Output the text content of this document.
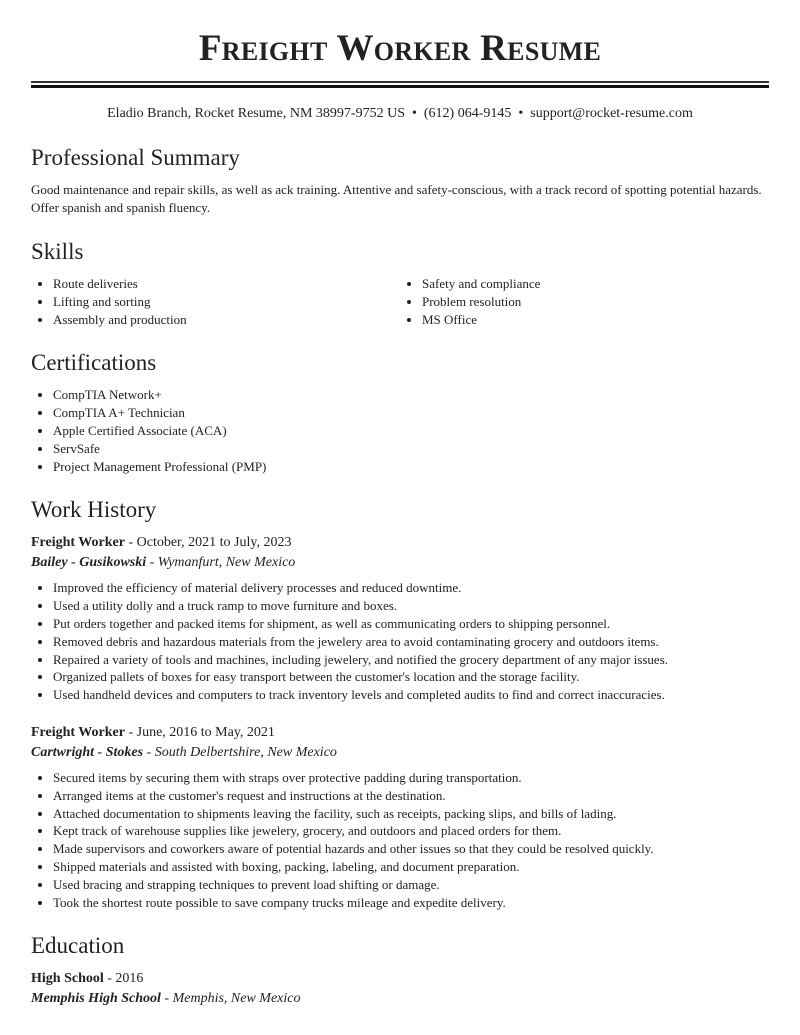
Freight Worker Resume
Eladio Branch, Rocket Resume, NM 38997-9752 US • (612) 064-9145 • support@rocket-resume.com
Professional Summary

Good maintenance and repair skills, as well as ack training. Attentive and safety-conscious, with a track record of spotting potential hazards. Offer spanish and spanish fluency.

Skills
• Route deliveries
• Lifting and sorting
• Assembly and production
• Safety and compliance
• Problem resolution
• MS Office
Certifications
• CompTIA Network+
• CompTIA A+ Technician
• Apple Certified Associate (ACA)
• ServSafe
• Project Management Professional (PMP)
Work History
Freight Worker - October, 2021 to July, 2023
Bailey - Gusikowski - Wymanfurt, New Mexico
• Improved the efficiency of material delivery processes and reduced downtime.
• Used a utility dolly and a truck ramp to move furniture and boxes.
• Put orders together and packed items for shipment, as well as communicating orders to shipping personnel.
• Removed debris and hazardous materials from the jewelery area to avoid contaminating grocery and outdoors items.
• Repaired a variety of tools and machines, including jewelery, and notified the grocery department of any major issues.
• Organized pallets of boxes for easy transport between the customer's location and the storage facility.
• Used handheld devices and computers to track inventory levels and completed audits to find and correct inaccuracies.
Freight Worker - June, 2016 to May, 2021
Cartwright - Stokes - South Delbertshire, New Mexico
• Secured items by securing them with straps over protective padding during transportation.
• Arranged items at the customer's request and instructions at the destination.
• Attached documentation to shipments leaving the facility, such as receipts, packing slips, and bills of lading.
• Kept track of warehouse supplies like jewelery, grocery, and outdoors and placed orders for them.
• Made supervisors and coworkers aware of potential hazards and other issues so that they could be resolved quickly.
• Shipped materials and assisted with boxing, packing, labeling, and document preparation.
• Used bracing and strapping techniques to prevent load shifting or damage.
• Took the shortest route possible to save company trucks mileage and expedite delivery.
Education
High School - 2016
Memphis High School - Memphis, New Mexico
